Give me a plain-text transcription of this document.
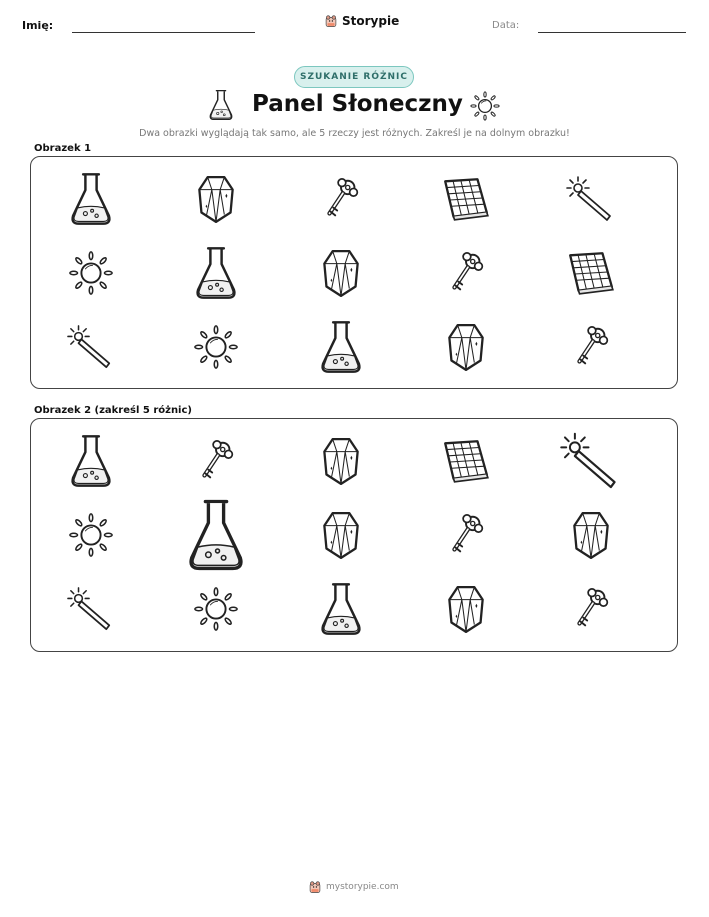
Imię:	Storypie	Data:
SZUKANIE RÓŻNIC
Panel Słoneczny
Dwa obrazki wyglądają tak samo, ale 5 rzeczy jest różnych. Zakreśl je na dolnym obrazku!
Obrazek 1
Obrazek 2 (zakreśl 5 różnic)
mystorypie.com
